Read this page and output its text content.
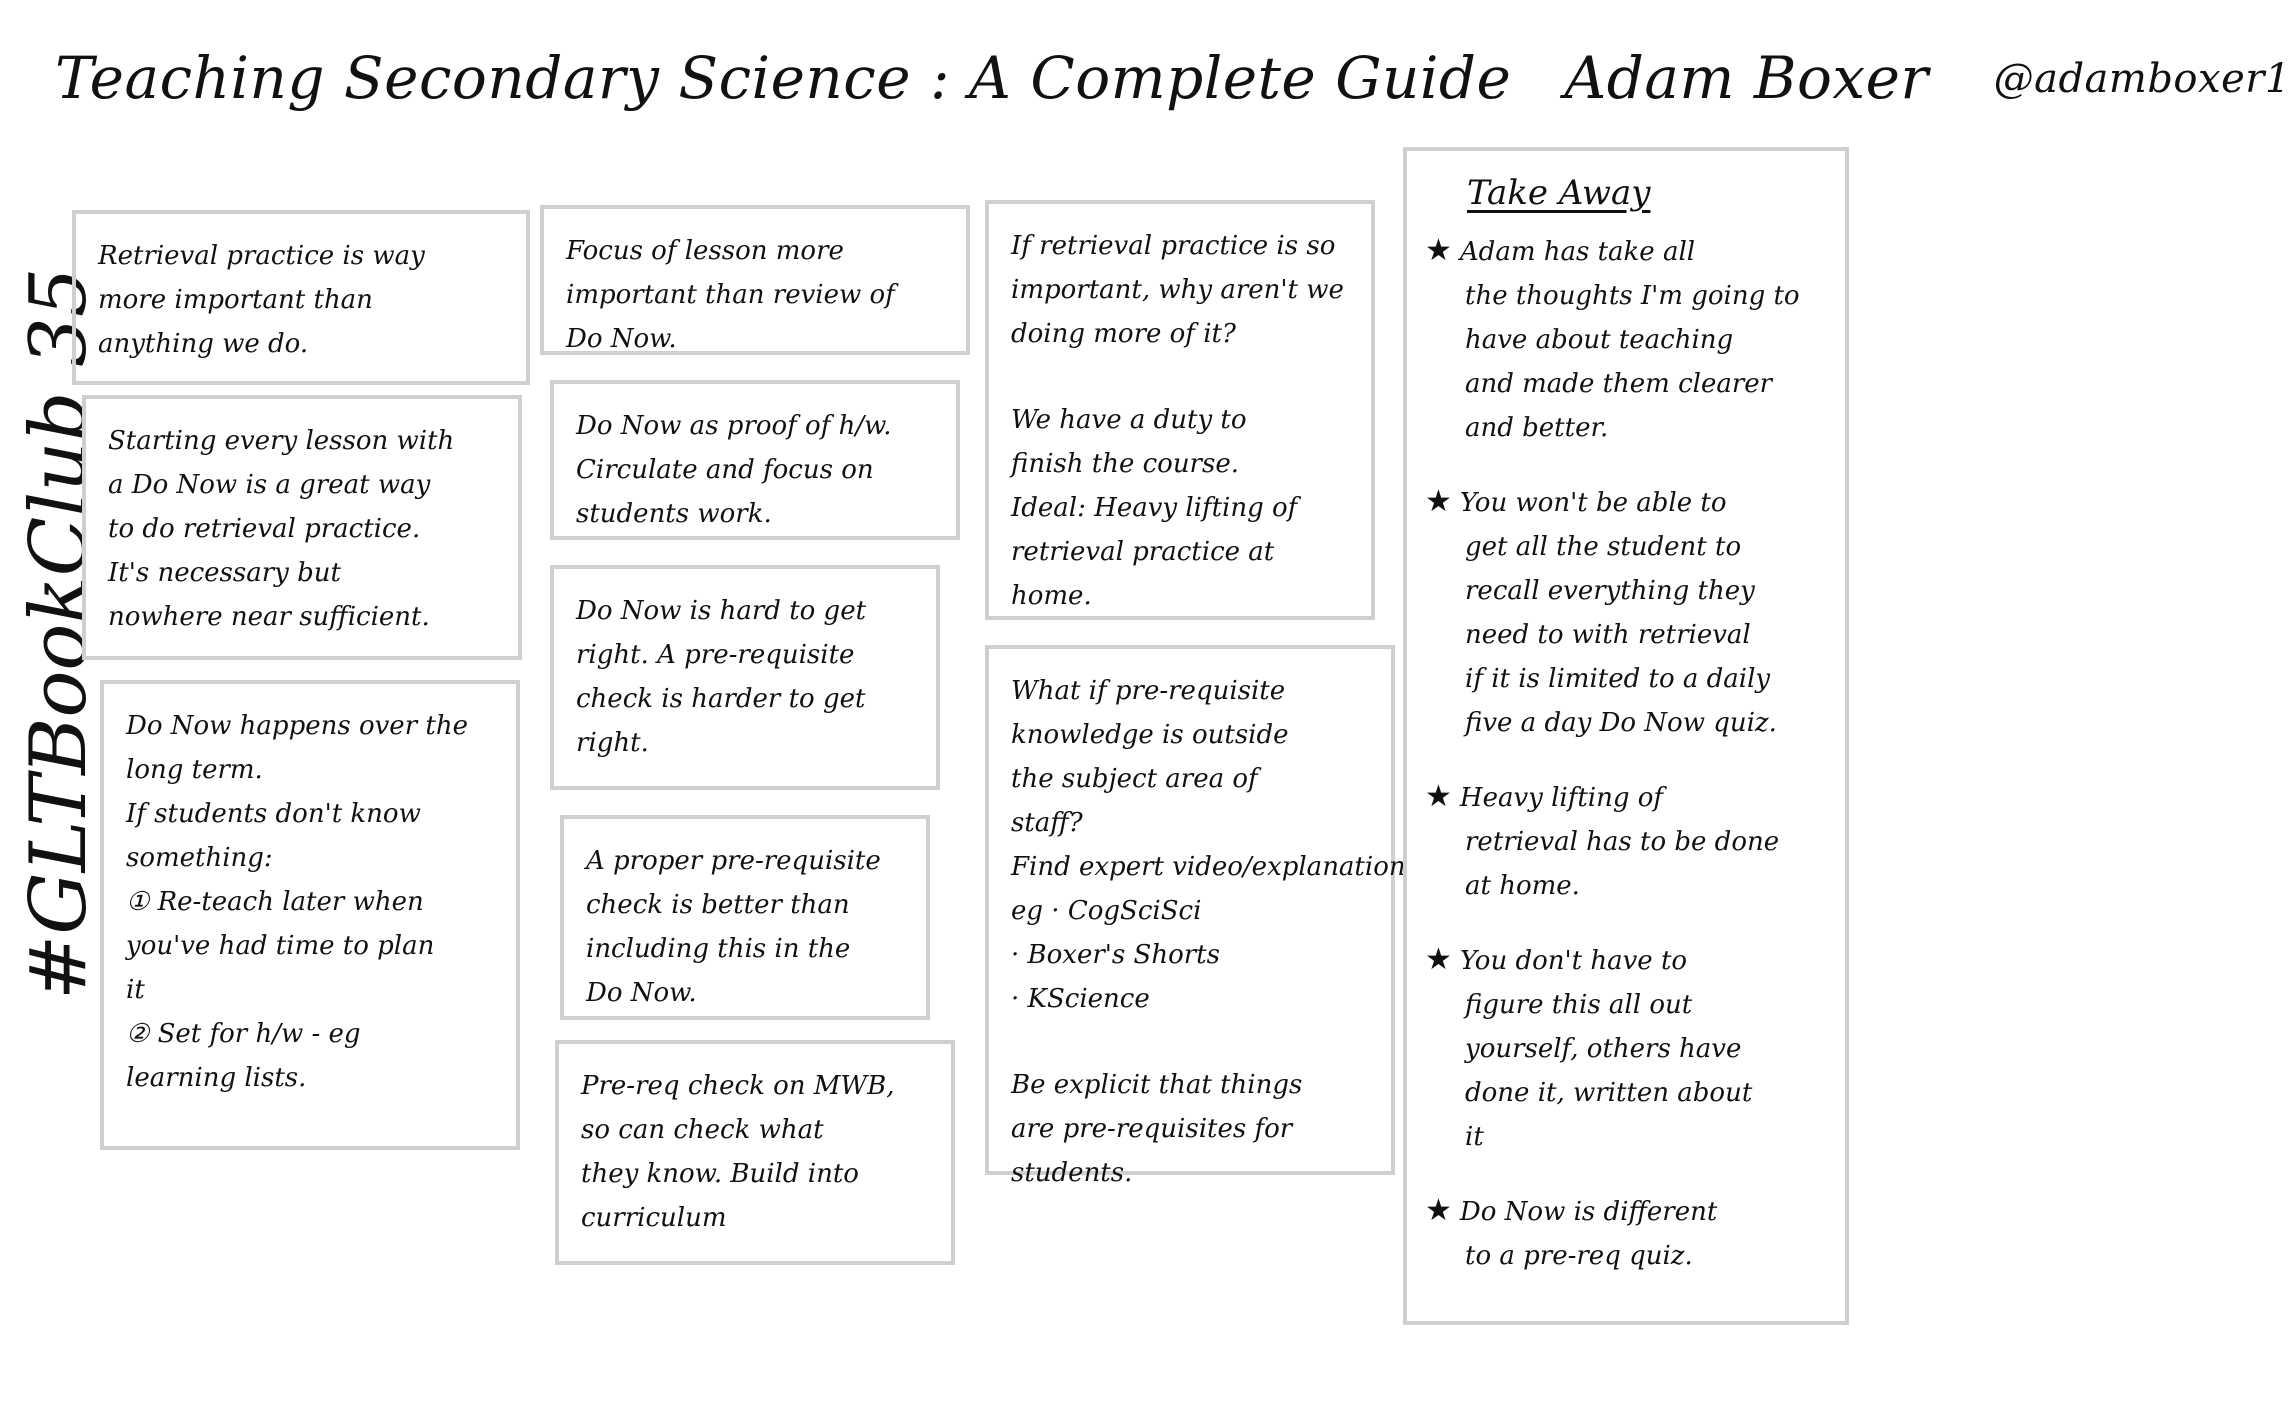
Teaching Secondary Science : A Complete Guide Adam Boxer @adamboxer1
#GLTBookClub 35
Retrieval practice is way
more important than
anything we do.
Starting every lesson with
a Do Now is a great way
to do retrieval practice.
It's necessary but
nowhere near sufficient.
Do Now happens over the
long term.
If students don't know
something:
① Re-teach later when
you've had time to plan
it
② Set for h/w - eg
learning lists.
Focus of lesson more
important than review of
Do Now.
Do Now as proof of h/w.
Circulate and focus on
students work.
Do Now is hard to get
right. A pre-requisite
check is harder to get
right.
A proper pre-requisite
check is better than
including this in the
Do Now.
Pre-req check on MWB,
so can check what
they know. Build into
curriculum
If retrieval practice is so
important, why aren't we
doing more of it?
We have a duty to
finish the course.
Ideal: Heavy lifting of
retrieval practice at
home.
What if pre-requisite
knowledge is outside
the subject area of
staff?
Find expert video/explanation
eg · CogSciSci
· Boxer's Shorts
· KScience
Be explicit that things
are pre-requisites for
students.
Take Away
★ Adam has take all
the thoughts I'm going to
have about teaching
and made them clearer
and better.
★ You won't be able to
get all the student to
recall everything they
need to with retrieval
if it is limited to a daily
five a day Do Now quiz.
★ Heavy lifting of
retrieval has to be done
at home.
★ You don't have to
figure this all out
yourself, others have
done it, written about
it
★ Do Now is different
to a pre-req quiz.
